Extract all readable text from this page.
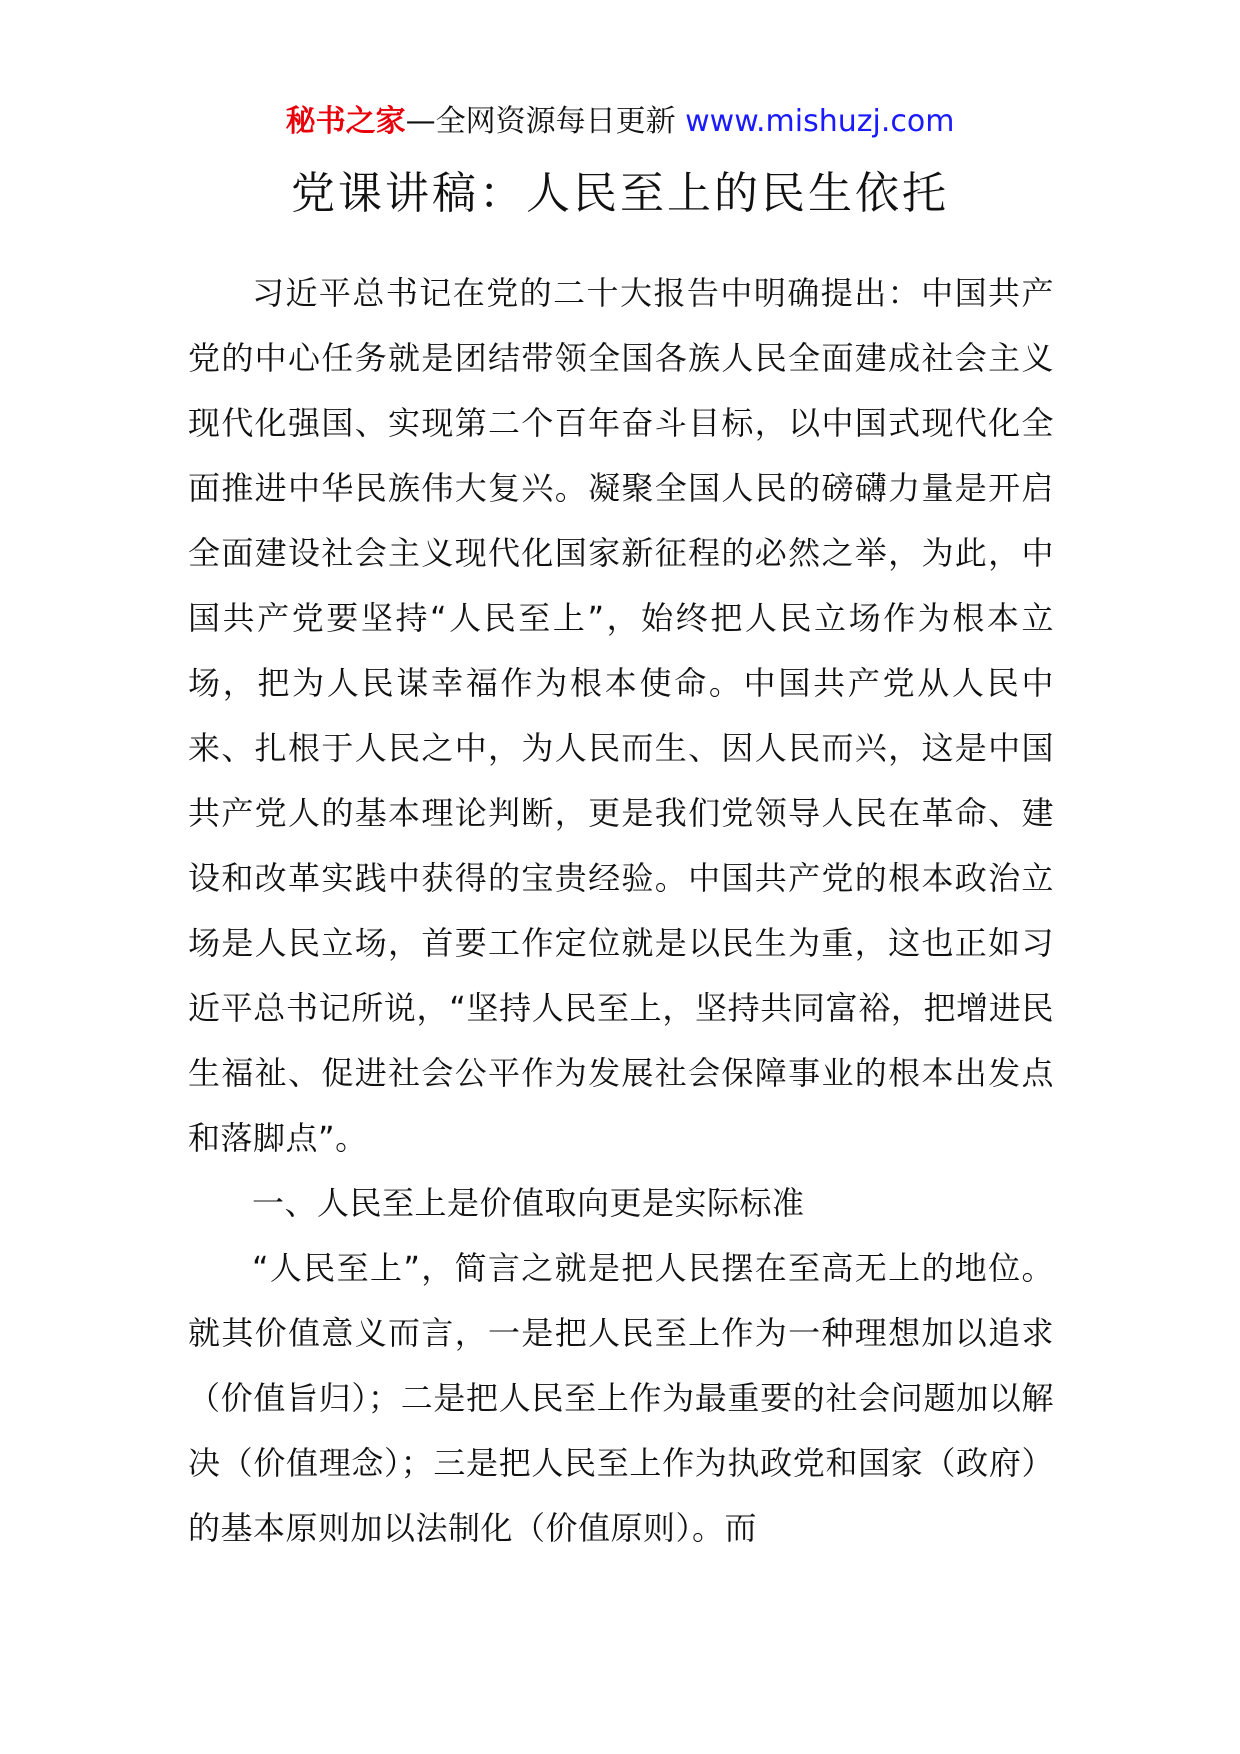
秘书之家—全网资源每日更新 www.mishuzj.com
党课讲稿：人民至上的民生依托

习近平总书记在党的二十大报告中明确提出：中国共产党的中心任务就是团结带领全国各族人民全面建成社会主义现代化强国、实现第二个百年奋斗目标，以中国式现代化全面推进中华民族伟大复兴。凝聚全国人民的磅礴力量是开启全面建设社会主义现代化国家新征程的必然之举，为此，中国共产党要坚持“人民至上”，始终把人民立场作为根本立场，把为人民谋幸福作为根本使命。中国共产党从人民中来、扎根于人民之中，为人民而生、因人民而兴，这是中国共产党人的基本理论判断，更是我们党领导人民在革命、建设和改革实践中获得的宝贵经验。中国共产党的根本政治立场是人民立场，首要工作定位就是以民生为重，这也正如习近平总书记所说，“坚持人民至上，坚持共同富裕，把增进民生福祉、促进社会公平作为发展社会保障事业的根本出发点和落脚点”。

一、人民至上是价值取向更是实际标准

“人民至上”，简言之就是把人民摆在至高无上的地位。就其价值意义而言，一是把人民至上作为一种理想加以追求（价值旨归）；二是把人民至上作为最重要的社会问题加以解决（价值理念）；三是把人民至上作为执政党和国家（政府）的基本原则加以法制化（价值原则）。而
